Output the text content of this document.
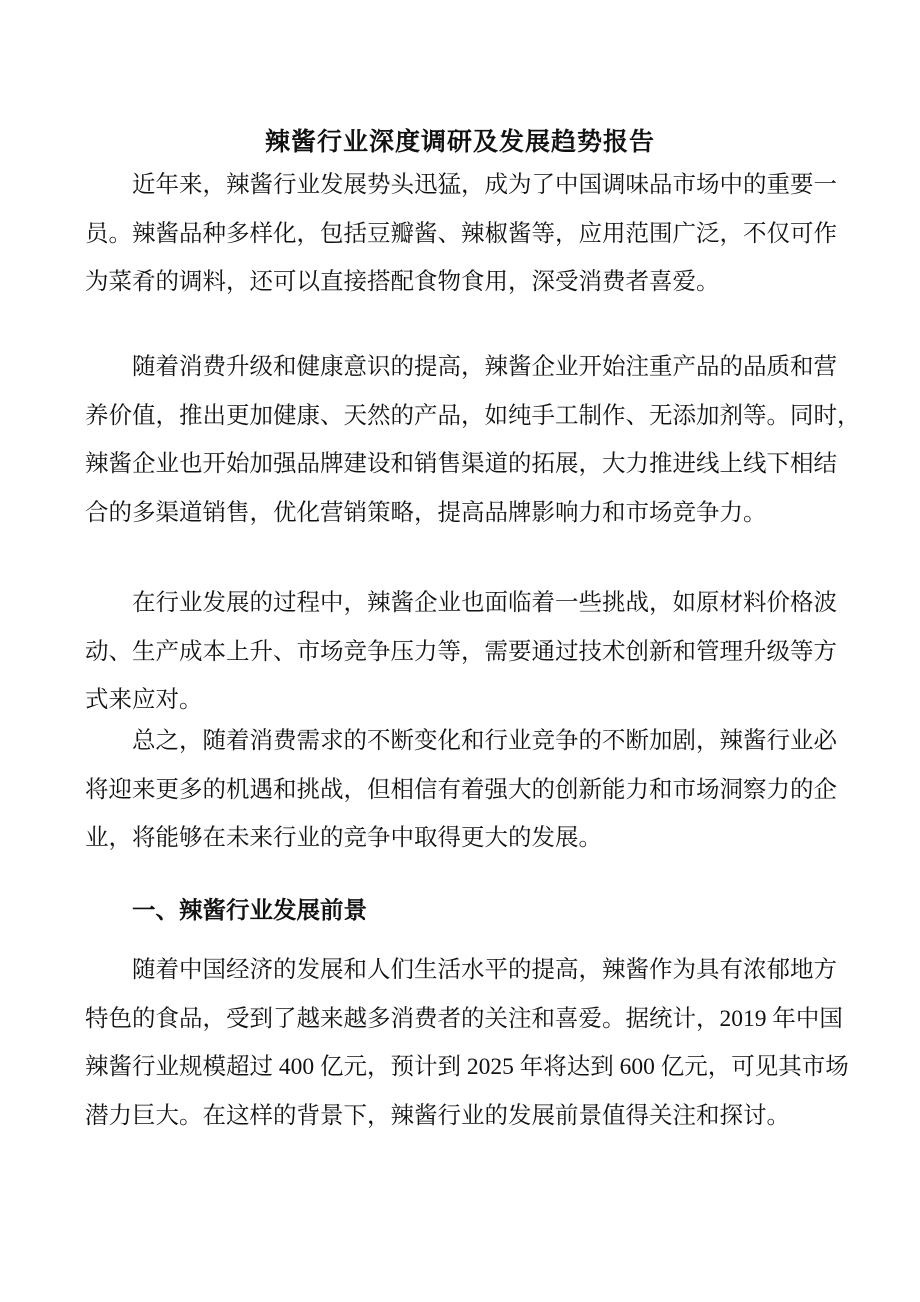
辣酱行业深度调研及发展趋势报告
近年来，辣酱行业发展势头迅猛，成为了中国调味品市场中的重要一
员。辣酱品种多样化，包括豆瓣酱、辣椒酱等，应用范围广泛，不仅可作
为菜肴的调料，还可以直接搭配食物食用，深受消费者喜爱。
随着消费升级和健康意识的提高，辣酱企业开始注重产品的品质和营
养价值，推出更加健康、天然的产品，如纯手工制作、无添加剂等。同时，
辣酱企业也开始加强品牌建设和销售渠道的拓展，大力推进线上线下相结
合的多渠道销售，优化营销策略，提高品牌影响力和市场竞争力。
在行业发展的过程中，辣酱企业也面临着一些挑战，如原材料价格波
动、生产成本上升、市场竞争压力等，需要通过技术创新和管理升级等方
式来应对。
总之，随着消费需求的不断变化和行业竞争的不断加剧，辣酱行业必
将迎来更多的机遇和挑战，但相信有着强大的创新能力和市场洞察力的企
业，将能够在未来行业的竞争中取得更大的发展。
一、辣酱行业发展前景
随着中国经济的发展和人们生活水平的提高，辣酱作为具有浓郁地方
特色的食品，受到了越来越多消费者的关注和喜爱。据统计，2019 年中国
辣酱行业规模超过 400 亿元，预计到 2025 年将达到 600 亿元，可见其市场
潜力巨大。在这样的背景下，辣酱行业的发展前景值得关注和探讨。
